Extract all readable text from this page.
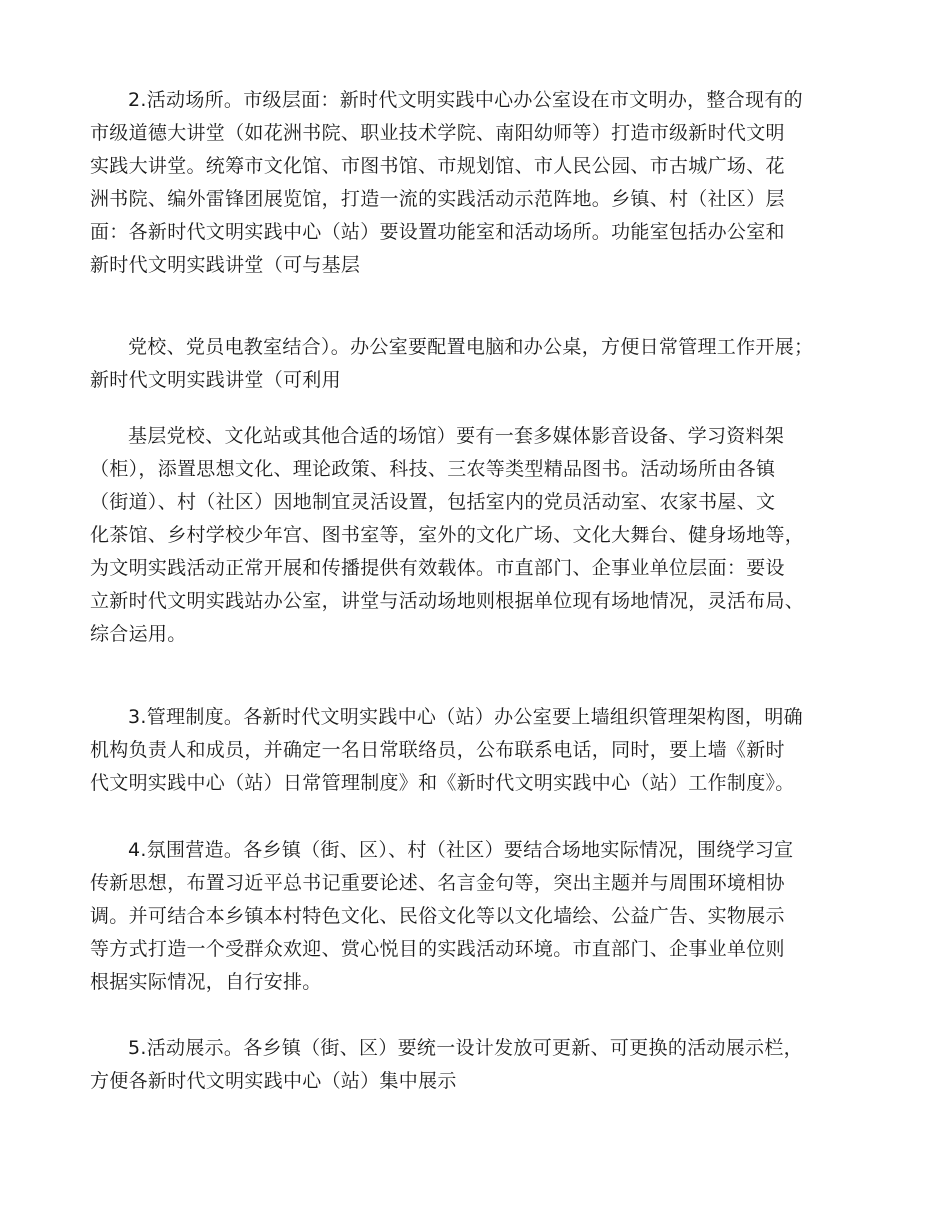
2.活动场所。市级层面：新时代文明实践中心办公室设在市文明办，整合现有的
市级道德大讲堂（如花洲书院、职业技术学院、南阳幼师等）打造市级新时代文明
实践大讲堂。统筹市文化馆、市图书馆、市规划馆、市人民公园、市古城广场、花
洲书院、编外雷锋团展览馆，打造一流的实践活动示范阵地。乡镇、村（社区）层
面：各新时代文明实践中心（站）要设置功能室和活动场所。功能室包括办公室和
新时代文明实践讲堂（可与基层
党校、党员电教室结合）。办公室要配置电脑和办公桌，方便日常管理工作开展；
新时代文明实践讲堂（可利用
基层党校、文化站或其他合适的场馆）要有一套多媒体影音设备、学习资料架
（柜），添置思想文化、理论政策、科技、三农等类型精品图书。活动场所由各镇
（街道）、村（社区）因地制宜灵活设置，包括室内的党员活动室、农家书屋、文
化茶馆、乡村学校少年宫、图书室等，室外的文化广场、文化大舞台、健身场地等，
为文明实践活动正常开展和传播提供有效载体。市直部门、企事业单位层面：要设
立新时代文明实践站办公室，讲堂与活动场地则根据单位现有场地情况，灵活布局、
综合运用。
3.管理制度。各新时代文明实践中心（站）办公室要上墙组织管理架构图，明确
机构负责人和成员，并确定一名日常联络员，公布联系电话，同时，要上墙《新时
代文明实践中心（站）日常管理制度》和《新时代文明实践中心（站）工作制度》。
4.氛围营造。各乡镇（街、区）、村（社区）要结合场地实际情况，围绕学习宣
传新思想，布置习近平总书记重要论述、名言金句等，突出主题并与周围环境相协
调。并可结合本乡镇本村特色文化、民俗文化等以文化墙绘、公益广告、实物展示
等方式打造一个受群众欢迎、赏心悦目的实践活动环境。市直部门、企事业单位则
根据实际情况，自行安排。
5.活动展示。各乡镇（街、区）要统一设计发放可更新、可更换的活动展示栏，
方便各新时代文明实践中心（站）集中展示
